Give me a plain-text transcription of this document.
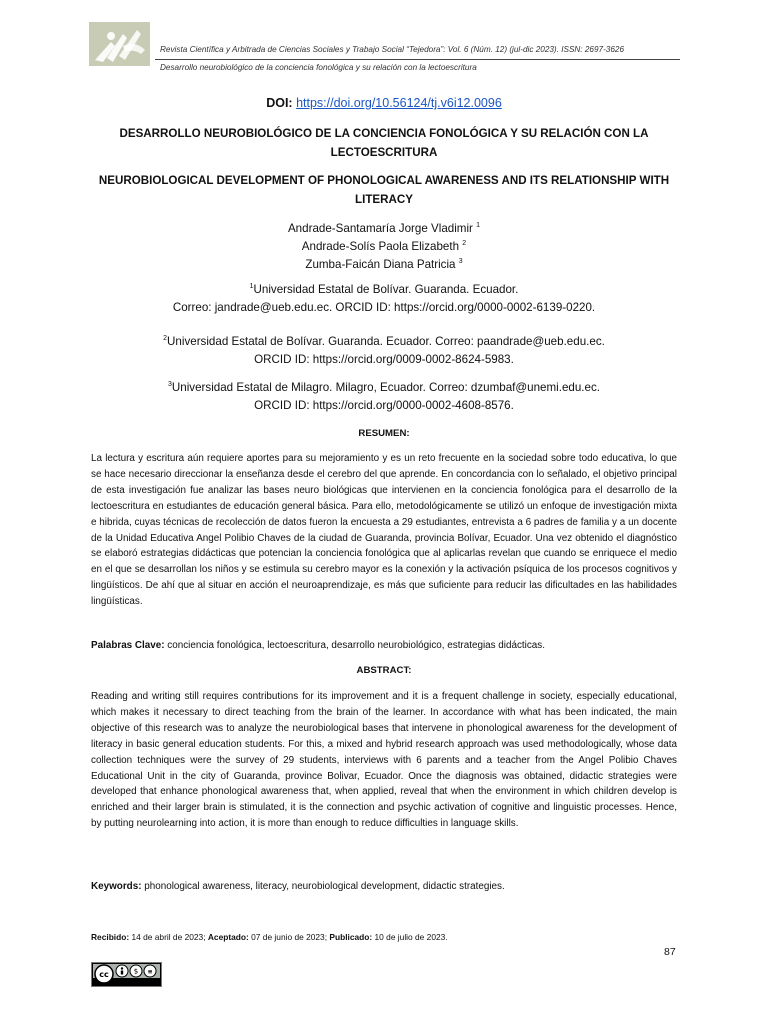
Revista Científica y Arbitrada de Ciencias Sociales y Trabajo Social “Tejedora”: Vol. 6 (Núm. 12) (jul-dic 2023). ISSN: 2697-3626
Desarrollo neurobiológico de la conciencia fonológica y su relación con la lectoescritura
DOI: https://doi.org/10.56124/tj.v6i12.0096
DESARROLLO NEUROBIOLÓGICO DE LA CONCIENCIA FONOLÓGICA Y SU RELACIÓN CON LA LECTOESCRITURA
NEUROBIOLOGICAL DEVELOPMENT OF PHONOLOGICAL AWARENESS AND ITS RELATIONSHIP WITH LITERACY
Andrade-Santamaría Jorge Vladimir $^1$
Andrade-Solís Paola Elizabeth $^2$
Zumba-Faicán Diana Patricia $^3$
$^1$Universidad Estatal de Bolívar. Guaranda. Ecuador.
Correo: jandrade@ueb.edu.ec. ORCID ID: https://orcid.org/0000-0002-6139-0220.
$^2$Universidad Estatal de Bolívar. Guaranda. Ecuador. Correo: paandrade@ueb.edu.ec.
ORCID ID: https://orcid.org/0009-0002-8624-5983.
$^3$Universidad Estatal de Milagro. Milagro, Ecuador. Correo: dzumbaf@unemi.edu.ec.
ORCID ID: https://orcid.org/0000-0002-4608-8576.
RESUMEN:
La lectura y escritura aún requiere aportes para su mejoramiento y es un reto frecuente en la sociedad sobre todo educativa, lo que se hace necesario direccionar la enseñanza desde el cerebro del que aprende. En concordancia con lo señalado, el objetivo principal de esta investigación fue analizar las bases neuro biológicas que intervienen en la conciencia fonológica para el desarrollo de la lectoescritura en estudiantes de educación general básica. Para ello, metodológicamente se utilizó un enfoque de investigación mixta e hibrida, cuyas técnicas de recolección de datos fueron la encuesta a 29 estudiantes, entrevista a 6 padres de familia y a un docente de la Unidad Educativa Angel Polibio Chaves de la ciudad de Guaranda, provincia Bolívar, Ecuador. Una vez obtenido el diagnóstico se elaboró estrategias didácticas que potencian la conciencia fonológica que al aplicarlas revelan que cuando se enriquece el medio en el que se desarrollan los niños y se estimula su cerebro mayor es la conexión y la activación psíquica de los procesos cognitivos y lingüísticos. De ahí que al situar en acción el neuroaprendizaje, es más que suficiente para reducir las dificultades en las habilidades lingüísticas.
Palabras Clave: conciencia fonológica, lectoescritura, desarrollo neurobiológico, estrategias didácticas.
ABSTRACT:
Reading and writing still requires contributions for its improvement and it is a frequent challenge in society, especially educational, which makes it necessary to direct teaching from the brain of the learner. In accordance with what has been indicated, the main objective of this research was to analyze the neurobiological bases that intervene in phonological awareness for the development of literacy in basic general education students. For this, a mixed and hybrid research approach was used methodologically, whose data collection techniques were the survey of 29 students, interviews with 6 parents and a teacher from the Angel Polibio Chaves Educational Unit in the city of Guaranda, province Bolivar, Ecuador. Once the diagnosis was obtained, didactic strategies were developed that enhance phonological awareness that, when applied, reveal that when the environment in which children develop is enriched and their larger brain is stimulated, it is the connection and psychic activation of cognitive and linguistic processes. Hence, by putting neurolearning into action, it is more than enough to reduce difficulties in language skills.
Keywords: phonological awareness, literacy, neurobiological development, didactic strategies.
Recibido: 14 de abril de 2023; Aceptado: 07 de junio de 2023; Publicado: 10 de julio de 2023.
87
cc	$ ≡
